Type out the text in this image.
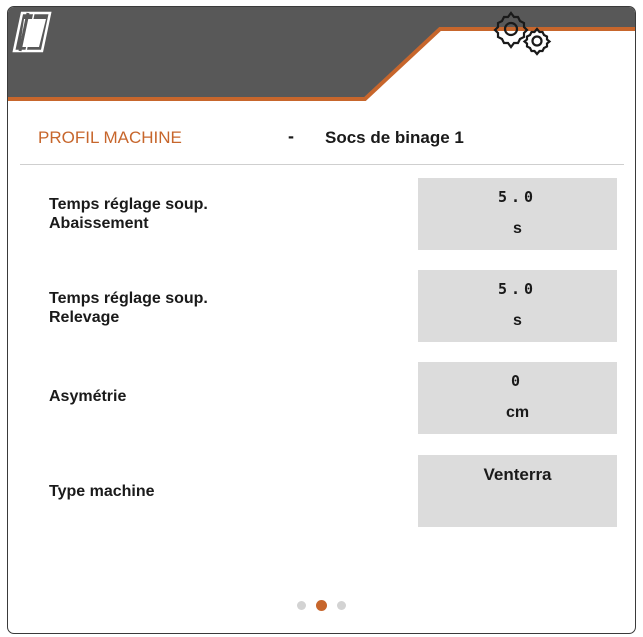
PROFIL MACHINE	- Socs de binage 1
Temps réglage soup.
Abaissement
5.0
s
Temps réglage soup.
Relevage
5.0
s
Asymétrie
0
cm
Type machine
Venterra
